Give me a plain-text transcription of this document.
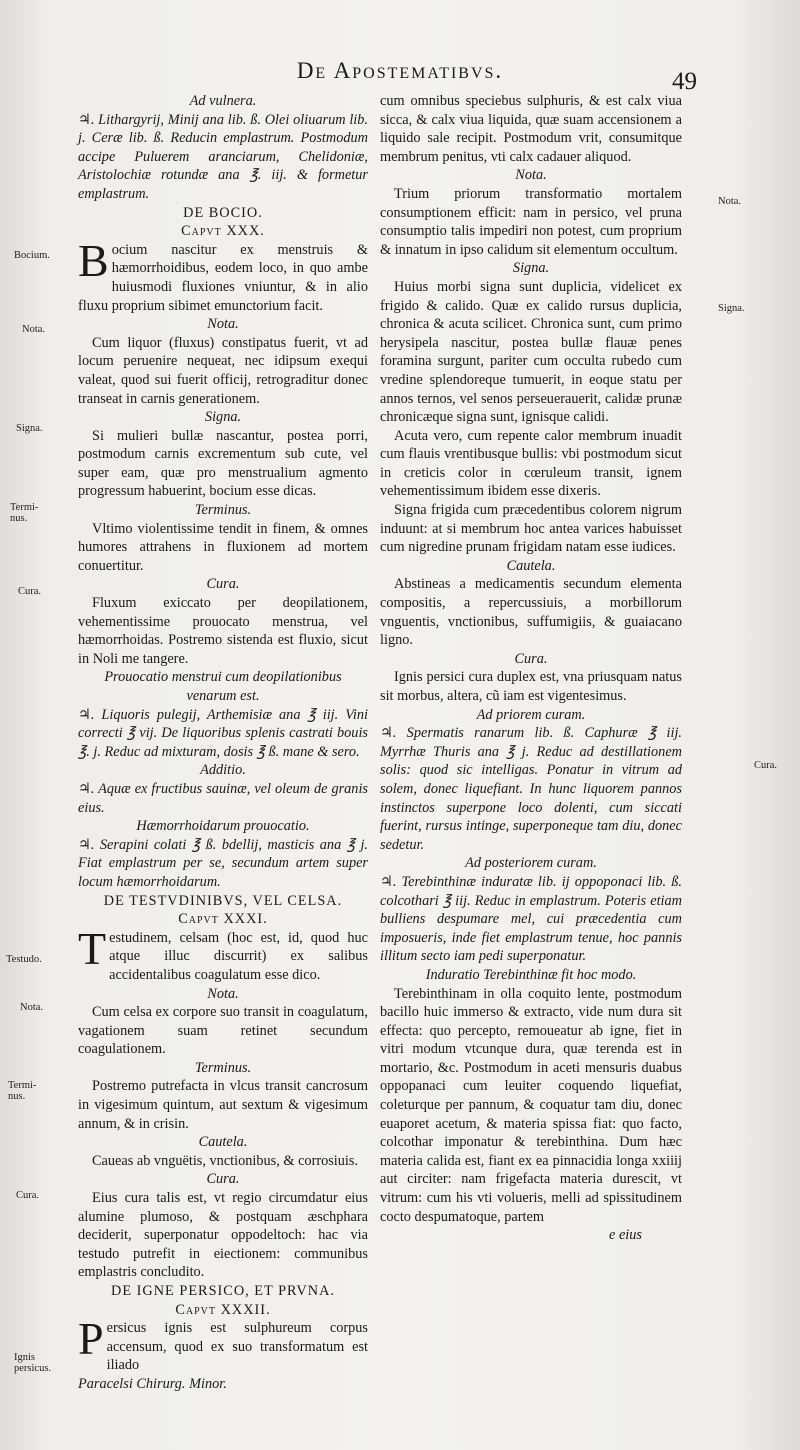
De Apostematibvs.	49

Ad vulnera.

♃. Lithargyrij, Minij ana lib. ß. Olei oliuarum lib. j. Ceræ lib. ß. Reducin emplastrum. Postmodum accipe Puluerem aranciarum, Chelidoniæ, Aristolochiæ rotundæ ana ℥. iij. & formetur emplastrum.

DE BOCIO.

Capvt XXX.

Bocium nascitur ex menstruis & hæmorrhoidibus, eodem loco, in quo ambe huiusmodi fluxiones vniuntur, & in alio fluxu proprium sibimet emunctorium facit.

Nota.

Cum liquor (fluxus) constipatus fuerit, vt ad locum peruenire nequeat, nec idipsum exequi valeat, quod sui fuerit officij, retrograditur donec transeat in carnis generationem.

Signa.

Si mulieri bullæ nascantur, postea porri, postmodum carnis excrementum sub cute, vel super eam, quæ pro menstrualium agmento progressum habuerint, bocium esse dicas.

Terminus.

Vltimo violentissime tendit in finem, & omnes humores attrahens in fluxionem ad mortem conuertitur.

Cura.

Fluxum exiccato per deopilationem, vehementissime prouocato menstrua, vel hæmorrhoidas. Postremo sistenda est fluxio, sicut in Noli me tangere.

Prouocatio menstrui cum deopilationibus venarum est.

♃. Liquoris pulegij, Arthemisiæ ana ℥ iij. Vini correcti ℥ vij. De liquoribus splenis castrati bouis ℥. j. Reduc ad mixturam, dosis ℥ ß. mane & sero.

Additio.

♃. Aquæ ex fructibus sauinæ, vel oleum de granis eius.

Hæmorrhoidarum prouocatio.

♃. Serapini colati ℥ ß. bdellij, masticis ana ℥ j. Fiat emplastrum per se, secundum artem super locum hæmorrhoidarum.

DE TESTVDINIBVS, VEL CELSA.

Capvt XXXI.

Testudinem, celsam (hoc est, id, quod huc atque illuc discurrit) ex salibus accidentalibus coagulatum esse dico.

Nota.

Cum celsa ex corpore suo transit in coagulatum, vagationem suam retinet secundum coagulationem.

Terminus.

Postremo putrefacta in vlcus transit cancrosum in vigesimum quintum, aut sextum & vigesimum annum, & in crisin.

Cautela.

Caueas ab vnguëtis, vnctionibus, & corrosiuis.

Cura.

Eius cura talis est, vt regio circumdatur eius alumine plumoso, & postquam æschphara deciderit, superponatur oppodeltoch: hac via testudo putrefit in eiectionem: communibus emplastris concludito.

DE IGNE PERSICO, ET PRVNA.

Capvt XXXII.

Persicus ignis est sulphureum corpus accensum, quod ex suo transformatum est iliado

Paracelsi Chirurg. Minor.

cum omnibus speciebus sulphuris, & est calx viua sicca, & calx viua liquida, quæ suam accensionem a liquido sale recipit. Postmodum vrit, consumitque membrum penitus, vti calx cadauer aliquod.

Nota.

Trium priorum transformatio mortalem consumptionem efficit: nam in persico, vel pruna consumptio talis impediri non potest, cum proprium & innatum in ipso calidum sit elementum occultum.

Signa.

Huius morbi signa sunt duplicia, videlicet ex frigido & calido. Quæ ex calido rursus duplicia, chronica & acuta scilicet. Chronica sunt, cum primo herysipela nascitur, postea bullæ flauæ penes foramina surgunt, pariter cum occulta rubedo cum vredine splendoreque tumuerit, in eoque statu per annos ternos, vel senos perseuerauerit, calidæ prunæ chronicæque signa sunt, ignisque calidi.

Acuta vero, cum repente calor membrum inuadit cum flauis vrentibusque bullis: vbi postmodum sicut in creticis color in cœruleum transit, ignem vehementissimum ibidem esse dixeris.

Signa frigida cum præcedentibus colorem nigrum induunt: at si membrum hoc antea varices habuisset cum nigredine prunam frigidam natam esse iudices.

Cautela.

Abstineas a medicamentis secundum elementa compositis, a repercussiuis, a morbillorum vnguentis, vnctionibus, suffumigiis, & guaiacano ligno.

Cura.

Ignis persici cura duplex est, vna priusquam natus sit morbus, altera, cũ iam est vigentesimus.

Ad priorem curam.

♃. Spermatis ranarum lib. ß. Caphuræ ℥ iij. Myrrhæ Thuris ana ℥ j. Reduc ad destillationem solis: quod sic intelligas. Ponatur in vitrum ad solem, donec liquefiant. In hunc liquorem pannos instinctos superpone loco dolenti, cum siccati fuerint, rursus intinge, superponeque tam diu, donec sedetur.

Ad posteriorem curam.

♃. Terebinthinæ induratæ lib. ij oppoponaci lib. ß. colcothari ℥ iij. Reduc in emplastrum. Poteris etiam bulliens despumare mel, cui præcedentia cum imposueris, inde fiet emplastrum tenue, hoc pannis illitum secto iam pedi superponatur.

Induratio Terebinthinæ fit hoc modo.

Terebinthinam in olla coquito lente, postmodum bacillo huic immerso & extracto, vide num dura sit effecta: quo percepto, remoueatur ab igne, fiet in vitri modum vtcunque dura, quæ terenda est in mortario, &c. Postmodum in aceti mensuris duabus oppopanaci cum leuiter coquendo liquefiat, coleturque per pannum, & coquatur tam diu, donec euaporet acetum, & materia spissa fiat: quo facto, colcothar imponatur & terebinthina. Dum hæc materia calida est, fiant ex ea pinnacidia longa xxiiij aut circiter: nam frigefacta materia durescit, vt vitrum: cum his vti volueris, melli ad spissitudinem cocto despumatoque, partem

e eius

Bocium.
Nota.
Signa.
Termi- nus.
Cura.
Testudo.
Nota.
Termi- nus.
Cura.
Ignis persicus.
Nota.
Signa.
Cura.
